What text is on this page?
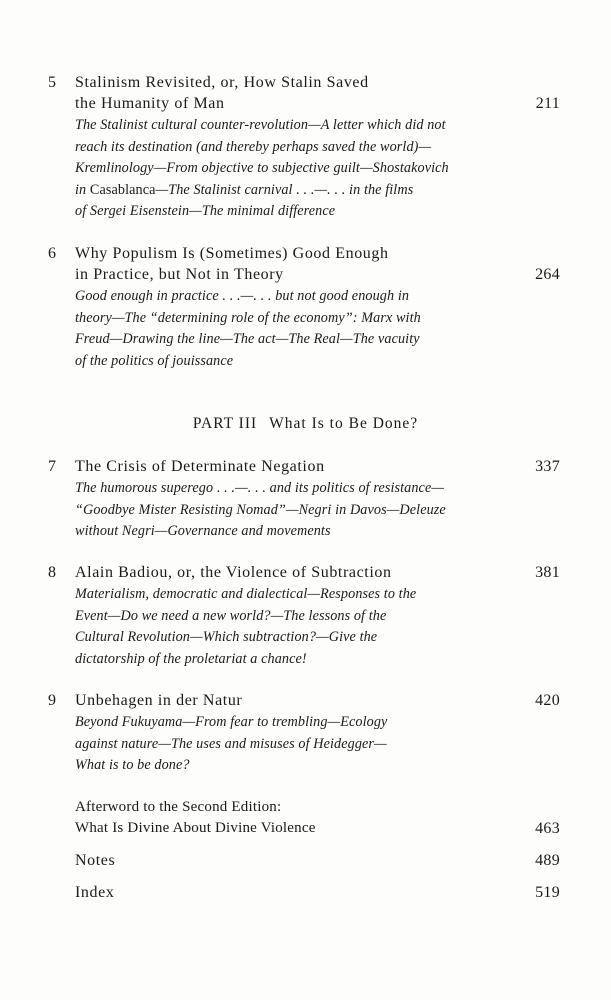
5 Stalinism Revisited, or, How Stalin Saved
the Humanity of Man	211
The Stalinist cultural counter-revolution—A letter which did not
reach its destination (and thereby perhaps saved the world)—
Kremlinology—From objective to subjective guilt—Shostakovich
in Casablanca—The Stalinist carnival . . .—. . . in the films
of Sergei Eisenstein—The minimal difference
6 Why Populism Is (Sometimes) Good Enough
in Practice, but Not in Theory	264
Good enough in practice . . .—. . . but not good enough in
theory—The “determining role of the economy”: Marx with
Freud—Drawing the line—The act—The Real—The vacuity
of the politics of jouissance
PART III What Is to Be Done?
7 The Crisis of Determinate Negation	337
The humorous superego . . .—. . . and its politics of resistance—
“Goodbye Mister Resisting Nomad”—Negri in Davos—Deleuze
without Negri—Governance and movements
8 Alain Badiou, or, the Violence of Subtraction	381
Materialism, democratic and dialectical—Responses to the
Event—Do we need a new world?—The lessons of the
Cultural Revolution—Which subtraction?—Give the
dictatorship of the proletariat a chance!
9 Unbehagen in der Natur	420
Beyond Fukuyama—From fear to trembling—Ecology
against nature—The uses and misuses of Heidegger—
What is to be done?
Afterword to the Second Edition:
What Is Divine About Divine Violence	463
Notes	489
Index	519
